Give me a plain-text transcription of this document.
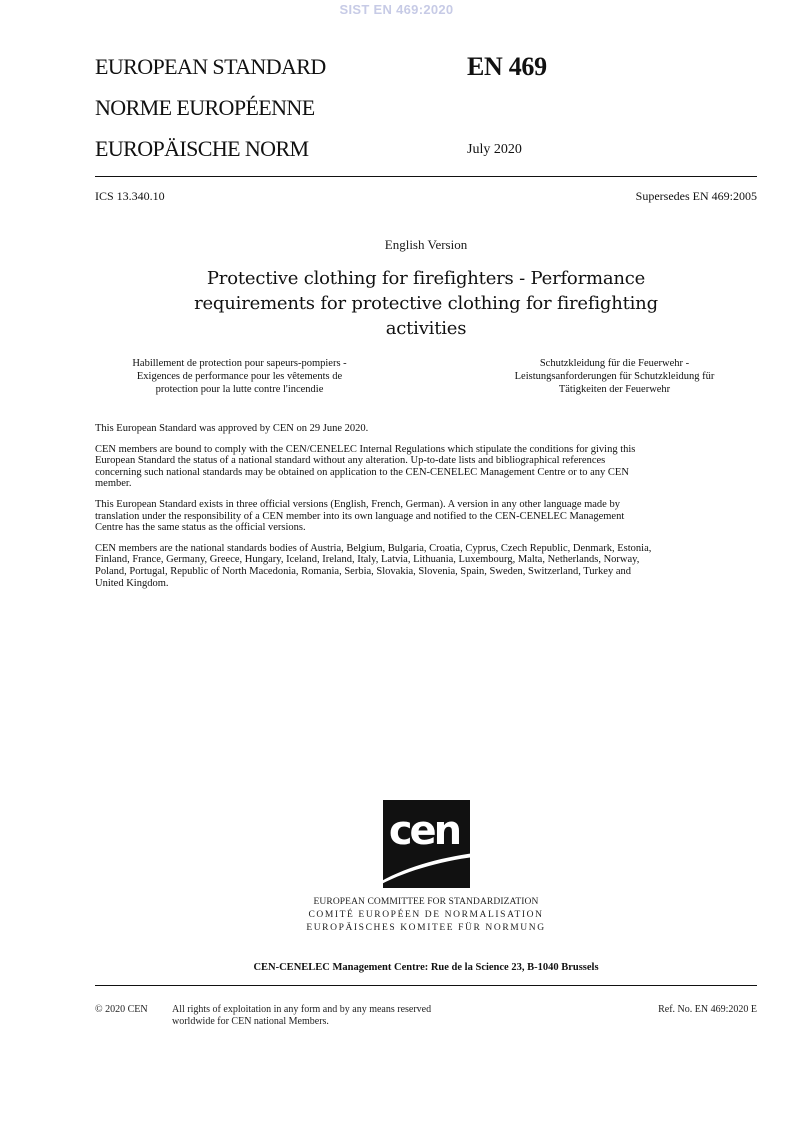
SIST EN 469:2020
EUROPEAN STANDARD
NORME EUROPÉENNE
EUROPÄISCHE NORM
EN 469
July 2020
ICS 13.340.10	Supersedes EN 469:2005
English Version
Protective clothing for firefighters - Performance
requirements for protective clothing for firefighting
activities
Habillement de protection pour sapeurs-pompiers -
Exigences de performance pour les vêtements de
protection pour la lutte contre l'incendie
Schutzkleidung für die Feuerwehr -
Leistungsanforderungen für Schutzkleidung für
Tätigkeiten der Feuerwehr

This European Standard was approved by CEN on 29 June 2020.

CEN members are bound to comply with the CEN/CENELEC Internal Regulations which stipulate the conditions for giving this
European Standard the status of a national standard without any alteration. Up-to-date lists and bibliographical references
concerning such national standards may be obtained on application to the CEN-CENELEC Management Centre or to any CEN
member.

This European Standard exists in three official versions (English, French, German). A version in any other language made by
translation under the responsibility of a CEN member into its own language and notified to the CEN-CENELEC Management
Centre has the same status as the official versions.

CEN members are the national standards bodies of Austria, Belgium, Bulgaria, Croatia, Cyprus, Czech Republic, Denmark, Estonia,
Finland, France, Germany, Greece, Hungary, Iceland, Ireland, Italy, Latvia, Lithuania, Luxembourg, Malta, Netherlands, Norway,
Poland, Portugal, Republic of North Macedonia, Romania, Serbia, Slovakia, Slovenia, Spain, Sweden, Switzerland, Turkey and
United Kingdom.

cen
EUROPEAN COMMITTEE FOR STANDARDIZATION
COMITÉ EUROPÉEN DE NORMALISATION
EUROPÄISCHES KOMITEE FÜR NORMUNG
CEN-CENELEC Management Centre: Rue de la Science 23, B-1040 Brussels
© 2020 CEN All rights of exploitation in any form and by any means reserved
worldwide for CEN national Members.
Ref. No. EN 469:2020 E
